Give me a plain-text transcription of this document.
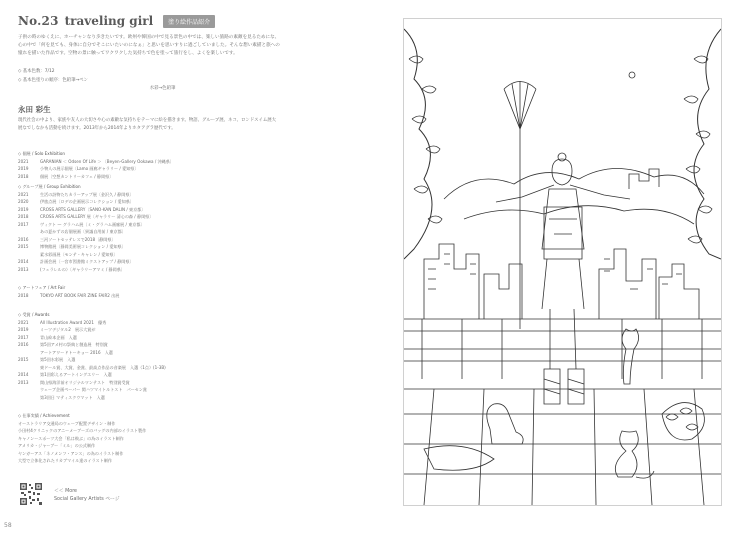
No.23 traveling girl	塗り絵作品紹介
子供の時のゆくえに、ホーチャンなり歩きたいです。欧州や韓国の中で見る景色の中では、楽しい旅路の素敵を見るためにな、心の中で「何を見ても、身体に自分でそこにいたいのになぁ」と思いを思いすりに過ごしていました。そんな想い素描と旅への憧れを描いた作品です。空物の景に触ってワクワクした気持ちで色を塗って旅行をし、よくを楽しいです。
◇ 基本色数：7/12
◇ 基本色塗りの順序：色鉛筆→ペン
　　　　　　　　　　　　　　　　　　　　　　　　　　　　　　水彩→色鉛筆
永田 彩生
現代社会の中より、家族や友人の大切さや心の素敵な気持ちをテーマに絵を描きます。物語、グルーブ展、ネコ、ロンドスイム展大展なでしなかも活動を続けます。2013年から2014年よりホタアグラ歴代です。
◇ 個展 / Solo Exhibition
2021	GARANIAN ＜ Odsen Of Life ＞ 〔Beyen-Gallery Ookawa / 沖縄県〕
2019	小物人の展示個展〔Lamo 画廊ギャラリー / 愛知県〕
2018	個展〔空想カントリーカフェ / 静岡県〕
◇ グループ展 / Group Exhibition
2021	生活の詩物たちカラーアップ展〔金沢久 / 静岡県〕
2020	伊旅点展〔ロデの企画展示コレクション / 愛知県〕
2019	CROSS ARTS GALLERY〔SANO-KAN DALIN / 東京都〕
2018	CROSS ARTS GALLERY 展〔ギャラリー 清心の森 / 静岡県〕
2017	ヴィクト — グラハム展〔ミ・グラハム画廊展 / 東京都〕
あの夏かずの店個展画〔異議自用前 / 東京都〕
2016	三河ソートセッテレスで2018〔静岡県〕
2015	博物館展〔静岡美術展コレクション / 愛知県〕
素水彩画展〔モンテ・キャレン / 愛知県〕
2014	計画会展〔一宮市図書館ミクストアップ / 静岡県〕
2013	(フェラレルの）〔ギャラリーアマミ / 静岡県〕
◇ アートフェア / Art Fair
2018	TOKYO ART BOOK FAIR ZINE FAIR2 出展
◇ 受賞 / Awards
2021	All Illustration Award 2021　優秀
2019	ミーツデジタル2　展示大賞が
2017	青山絵本企画　入選
2016	第5回アメ村の祭典と創造展　特別賞
アートアワードトーキョー 2016　入選
2015	第5回水彩展　入選
東ドール賞、大賞、金賞、最高点作品の音楽展　入選（1点）(1-3B)
2014	第1回彩えるアートイングエリー　入選
2013	関山県海洋前オリジナルワンテスト　特別賞受賞
ウェーブ企画ペーパー 関ハツマイトルトスト　パーセン賞
第3回日 マティスクウマット　入選
◇ 仕事実績 / Achievement
オーストラリア交通局のウェーブ配置デザイン・制作
小田村4クリニックのアニーメーブーズのバッグの内部のイラスト製作
キャノンースポーツ大会「私は飛ぶ」の為のイラスト制作
アメリカ・ジャーブー「ミル」の公式制作
ヤンガーアス「ネノメンフ・アンス」の為のイラスト制作
大型で立体化されたリカブマイル達のイラスト制作
＜＜ More
Social Gallery Artists ページ
58
